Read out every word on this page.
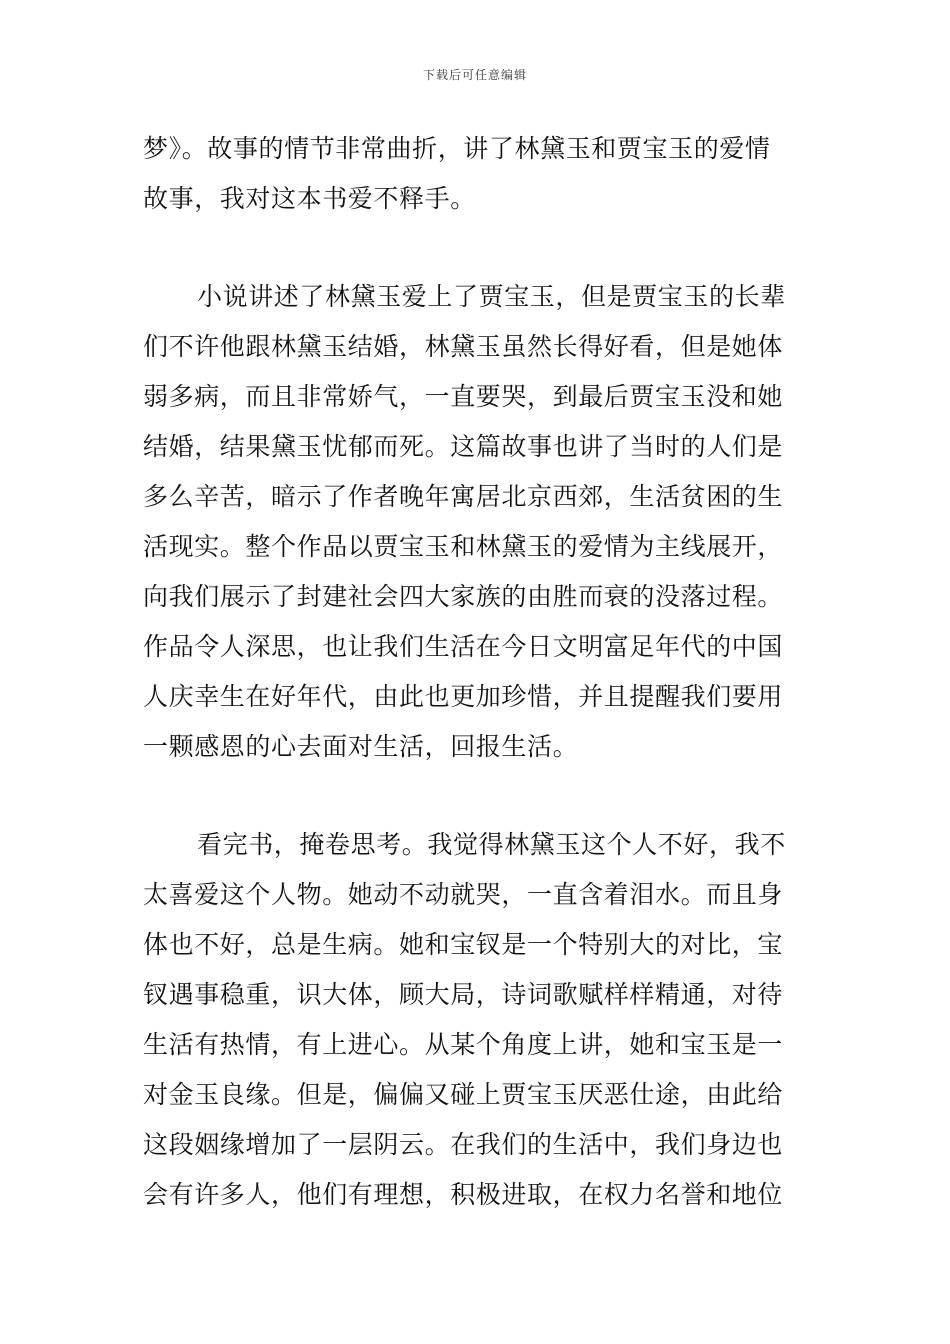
下载后可任意编辑
梦》。故事的情节非常曲折，讲了林黛玉和贾宝玉的爱情
故事，我对这本书爱不释手。
小说讲述了林黛玉爱上了贾宝玉，但是贾宝玉的长辈
们不许他跟林黛玉结婚，林黛玉虽然长得好看，但是她体
弱多病，而且非常娇气，一直要哭，到最后贾宝玉没和她
结婚，结果黛玉忧郁而死。这篇故事也讲了当时的人们是
多么辛苦，暗示了作者晚年寓居北京西郊，生活贫困的生
活现实。整个作品以贾宝玉和林黛玉的爱情为主线展开，
向我们展示了封建社会四大家族的由胜而衰的没落过程。
作品令人深思，也让我们生活在今日文明富足年代的中国
人庆幸生在好年代，由此也更加珍惜，并且提醒我们要用
一颗感恩的心去面对生活，回报生活。
看完书，掩卷思考。我觉得林黛玉这个人不好，我不
太喜爱这个人物。她动不动就哭，一直含着泪水。而且身
体也不好，总是生病。她和宝钗是一个特别大的对比，宝
钗遇事稳重，识大体，顾大局，诗词歌赋样样精通，对待
生活有热情，有上进心。从某个角度上讲，她和宝玉是一
对金玉良缘。但是，偏偏又碰上贾宝玉厌恶仕途，由此给
这段姻缘增加了一层阴云。在我们的生活中，我们身边也
会有许多人，他们有理想，积极进取，在权力名誉和地位
